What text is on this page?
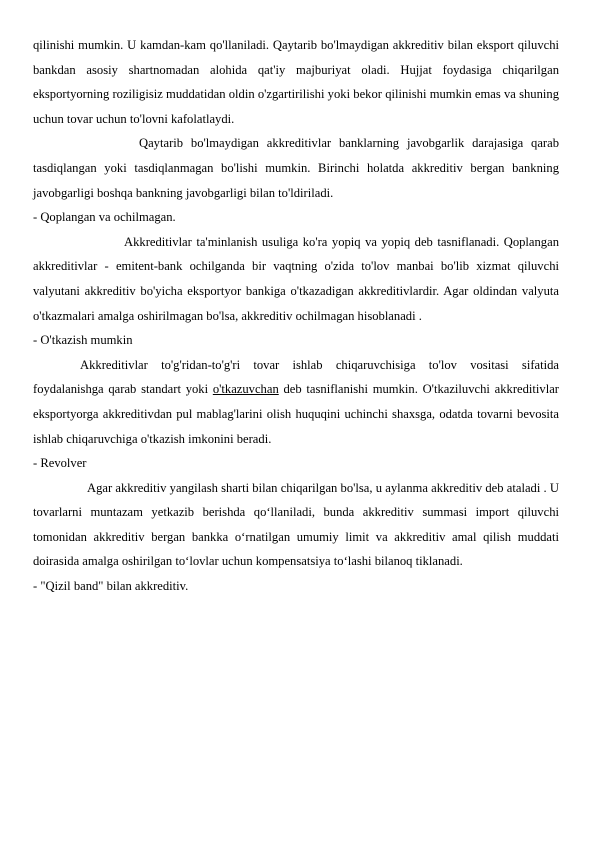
qilinishi mumkin. U kamdan-kam qo'llaniladi. Qaytarib bo'lmaydigan akkreditiv bilan eksport qiluvchi bankdan asosiy shartnomadan alohida qat'iy majburiyat oladi. Hujjat foydasiga chiqarilgan eksportyorning roziligisiz muddatidan oldin o'zgartirilishi yoki bekor qilinishi mumkin emas va shuning uchun tovar uchun to'lovni kafolatlaydi.

Qaytarib bo'lmaydigan akkreditivlar banklarning javobgarlik darajasiga qarab tasdiqlangan yoki tasdiqlanmagan bo'lishi mumkin. Birinchi holatda akkreditiv bergan bankning javobgarligi boshqa bankning javobgarligi bilan to'ldiriladi.

- Qoplangan va ochilmagan.

Akkreditivlar ta'minlanish usuliga ko'ra yopiq va yopiq deb tasniflanadi. Qoplangan akkreditivlar - emitent-bank ochilganda bir vaqtning o'zida to'lov manbai bo'lib xizmat qiluvchi valyutani akkreditiv bo'yicha eksportyor bankiga o'tkazadigan akkreditivlardir. Agar oldindan valyuta o'tkazmalari amalga oshirilmagan bo'lsa, akkreditiv ochilmagan hisoblanadi .

- O'tkazish mumkin

Akkreditivlar to'g'ridan-to'g'ri tovar ishlab chiqaruvchisiga to'lov vositasi sifatida foydalanishga qarab standart yoki o'tkazuvchan deb tasniflanishi mumkin. O'tkaziluvchi akkreditivlar eksportyorga akkreditivdan pul mablag'larini olish huquqini uchinchi shaxsga, odatda tovarni bevosita ishlab chiqaruvchiga o'tkazish imkonini beradi.

- Revolver

Agar akkreditiv yangilash sharti bilan chiqarilgan bo'lsa, u aylanma akkreditiv deb ataladi . U tovarlarni muntazam yetkazib berishda qo‘llaniladi, bunda akkreditiv summasi import qiluvchi tomonidan akkreditiv bergan bankka o‘rnatilgan umumiy limit va akkreditiv amal qilish muddati doirasida amalga oshirilgan to‘lovlar uchun kompensatsiya to‘lashi bilanoq tiklanadi.

- "Qizil band" bilan akkreditiv.
